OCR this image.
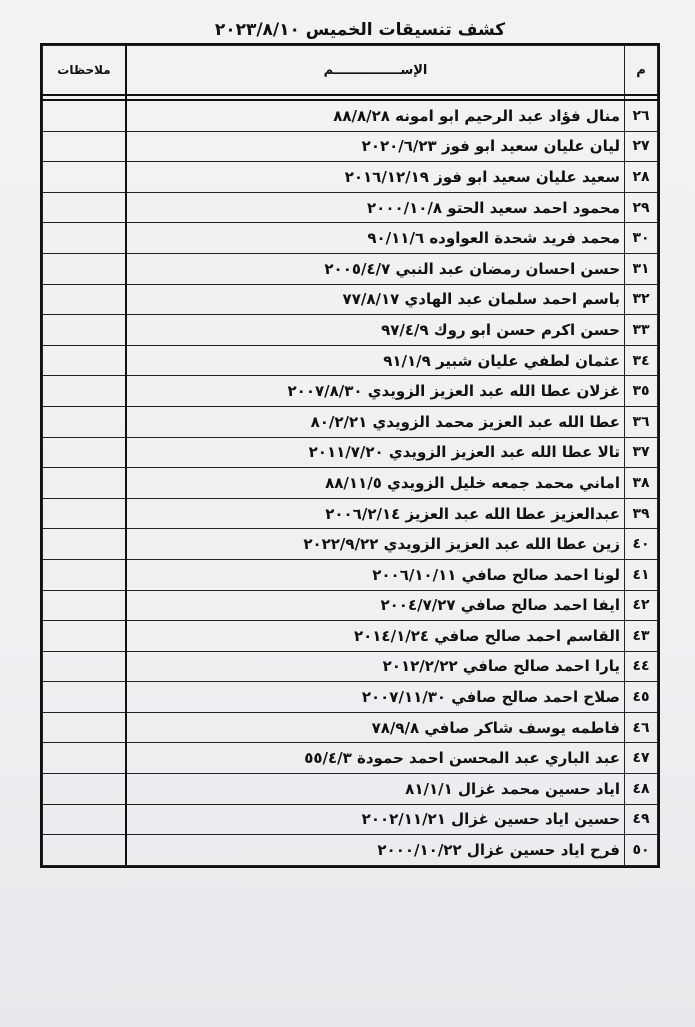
كشف تنسيقات الخميس ٢٠٢٣/٨/١٠
م	الإســـــــــــــــم	ملاحظات

٢٦	منال فؤاد عبد الرحيم ابو امونه ٨٨/٨/٢٨	
٢٧	ليان عليان سعيد ابو فوز ٢٠٢٠/٦/٢٣	
٢٨	سعيد عليان سعيد ابو فوز ٢٠١٦/١٢/١٩	
٢٩	محمود احمد سعيد الحتو ٢٠٠٠/١٠/٨	
٣٠	محمد فريد شحدة العواوده ٩٠/١١/٦	
٣١	حسن احسان رمضان عبد النبي ٢٠٠٥/٤/٧	
٣٢	باسم احمد سلمان عبد الهادي ٧٧/٨/١٧	
٣٣	حسن اكرم حسن ابو روك ٩٧/٤/٩	
٣٤	عثمان لطفي عليان شبير ٩١/١/٩	
٣٥	غزلان عطا الله عبد العزيز الزويدي ٢٠٠٧/٨/٣٠	
٣٦	عطا الله عبد العزيز محمد الزويدي ٨٠/٢/٢١	
٣٧	تالا عطا الله عبد العزيز الزويدي ٢٠١١/٧/٢٠	
٣٨	اماني محمد جمعه خليل الزويدي ٨٨/١١/٥	
٣٩	عبدالعزيز عطا الله عبد العزيز ٢٠٠٦/٢/١٤	
٤٠	زين عطا الله عبد العزيز الزويدي ٢٠٢٢/٩/٢٢	
٤١	لونا احمد صالح صافي ٢٠٠٦/١٠/١١	
٤٢	ايفا احمد صالح صافي ٢٠٠٤/٧/٢٧	
٤٣	القاسم احمد صالح صافي ٢٠١٤/١/٢٤	
٤٤	يارا احمد صالح صافي ٢٠١٢/٢/٢٢	
٤٥	صلاح احمد صالح صافي ٢٠٠٧/١١/٣٠	
٤٦	فاطمه يوسف شاكر صافي ٧٨/٩/٨	
٤٧	عبد الباري عبد المحسن احمد حمودة ٥٥/٤/٣	
٤٨	اياد حسين محمد غزال ٨١/١/١	
٤٩	حسين اياد حسين غزال ٢٠٠٢/١١/٢١	
٥٠	فرح اياد حسين غزال ٢٠٠٠/١٠/٢٢	
